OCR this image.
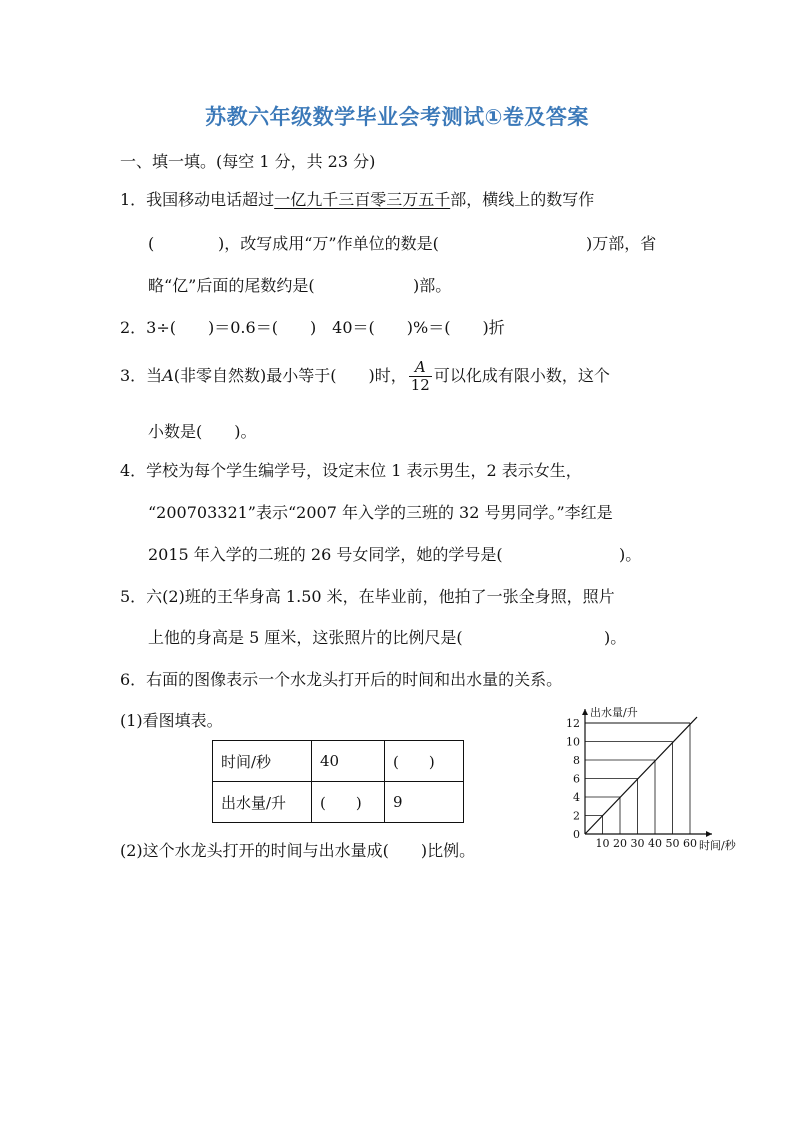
苏教六年级数学毕业会考测试①卷及答案
一、填一填。(每空 1 分，共 23 分)
1．我国移动电话超过一亿九千三百零三万五千部，横线上的数写作
(	)，改写成用“万”作单位的数是(	)万部，省
略“亿”后面的尾数约是(	)部。
2．3÷(　　)＝0.6＝(　　)　40＝(　　)%＝(　　)折
3．当A(非零自然数)最小等于(　　)时， $\frac{A}{12}$ 可以化成有限小数，这个
小数是(　　)。
4．学校为每个学生编学号，设定末位 1 表示男生，2 表示女生，
“200703321”表示“2007 年入学的三班的 32 号男同学。”李红是
2015 年入学的二班的 26 号女同学，她的学号是(	)。
5．六(2)班的王华身高 1.50 米，在毕业前，他拍了一张全身照，照片
上他的身高是 5 厘米，这张照片的比例尺是(	)。
6．右面的图像表示一个水龙头打开后的时间和出水量的关系。
(1)看图填表。
时间/秒	40	(　　)
出水量/升	(　　)	9
(2)这个水龙头打开的时间与出水量成(　　)比例。	10 20 30 40 50 60
2
4
6
8
10
12
0
时间/秒
出水量/升
